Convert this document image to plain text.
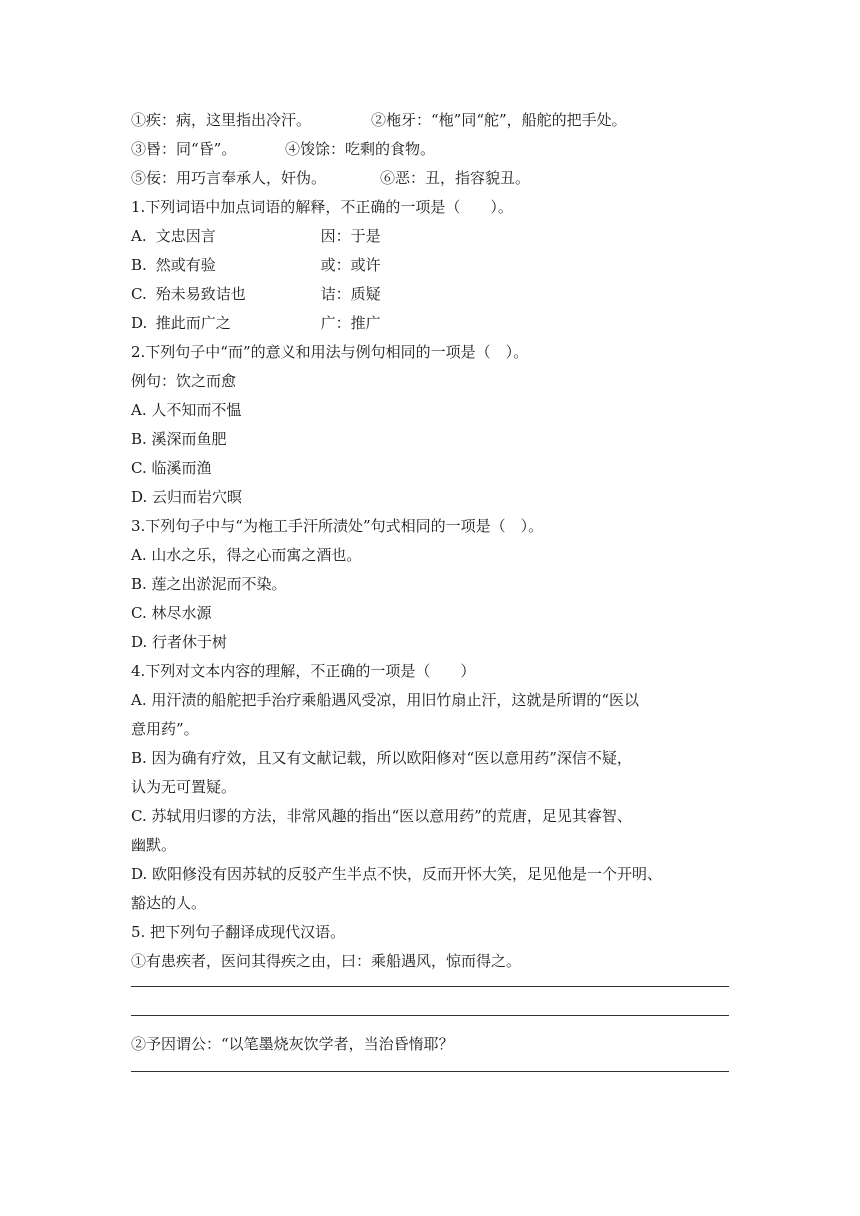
①疾：病，这里指出冷汗。	②柂牙：“柂”同“舵”，船舵的把手处。
③昬：同“昏”。	④馂馀：吃剩的食物。
⑤佞：用巧言奉承人，奸伪。	⑥恶：丑，指容貌丑。
1.下列词语中加点词语的解释，不正确的一项是（　　）。
A. 文忠因言	因：于是
B. 然或有验	或：或许
C. 殆未易致诘也	诘：质疑
D. 推此而广之	广：推广
2.下列句子中“而”的意义和用法与例句相同的一项是（　）。
例句：饮之而愈
A. 人不知而不愠
B. 溪深而鱼肥
C. 临溪而渔
D. 云归而岩穴暝
3.下列句子中与“为柂工手汗所渍处”句式相同的一项是（　）。
A. 山水之乐，得之心而寓之酒也。
B. 莲之出淤泥而不染。
C. 林尽水源
D. 行者休于树
4.下列对文本内容的理解，不正确的一项是（　　）
A. 用汗渍的船舵把手治疗乘船遇风受凉，用旧竹扇止汗，这就是所谓的“医以
意用药”。
B. 因为确有疗效，且又有文献记载，所以欧阳修对“医以意用药”深信不疑，
认为无可置疑。
C. 苏轼用归谬的方法，非常风趣的指出“医以意用药”的荒唐，足见其睿智、
幽默。
D. 欧阳修没有因苏轼的反驳产生半点不快，反而开怀大笑，足见他是一个开明、
豁达的人。
5. 把下列句子翻译成现代汉语。
①有患疾者，医问其得疾之由，曰：乘船遇风，惊而得之。
②予因谓公：“以笔墨烧灰饮学者，当治昏惰耶？
